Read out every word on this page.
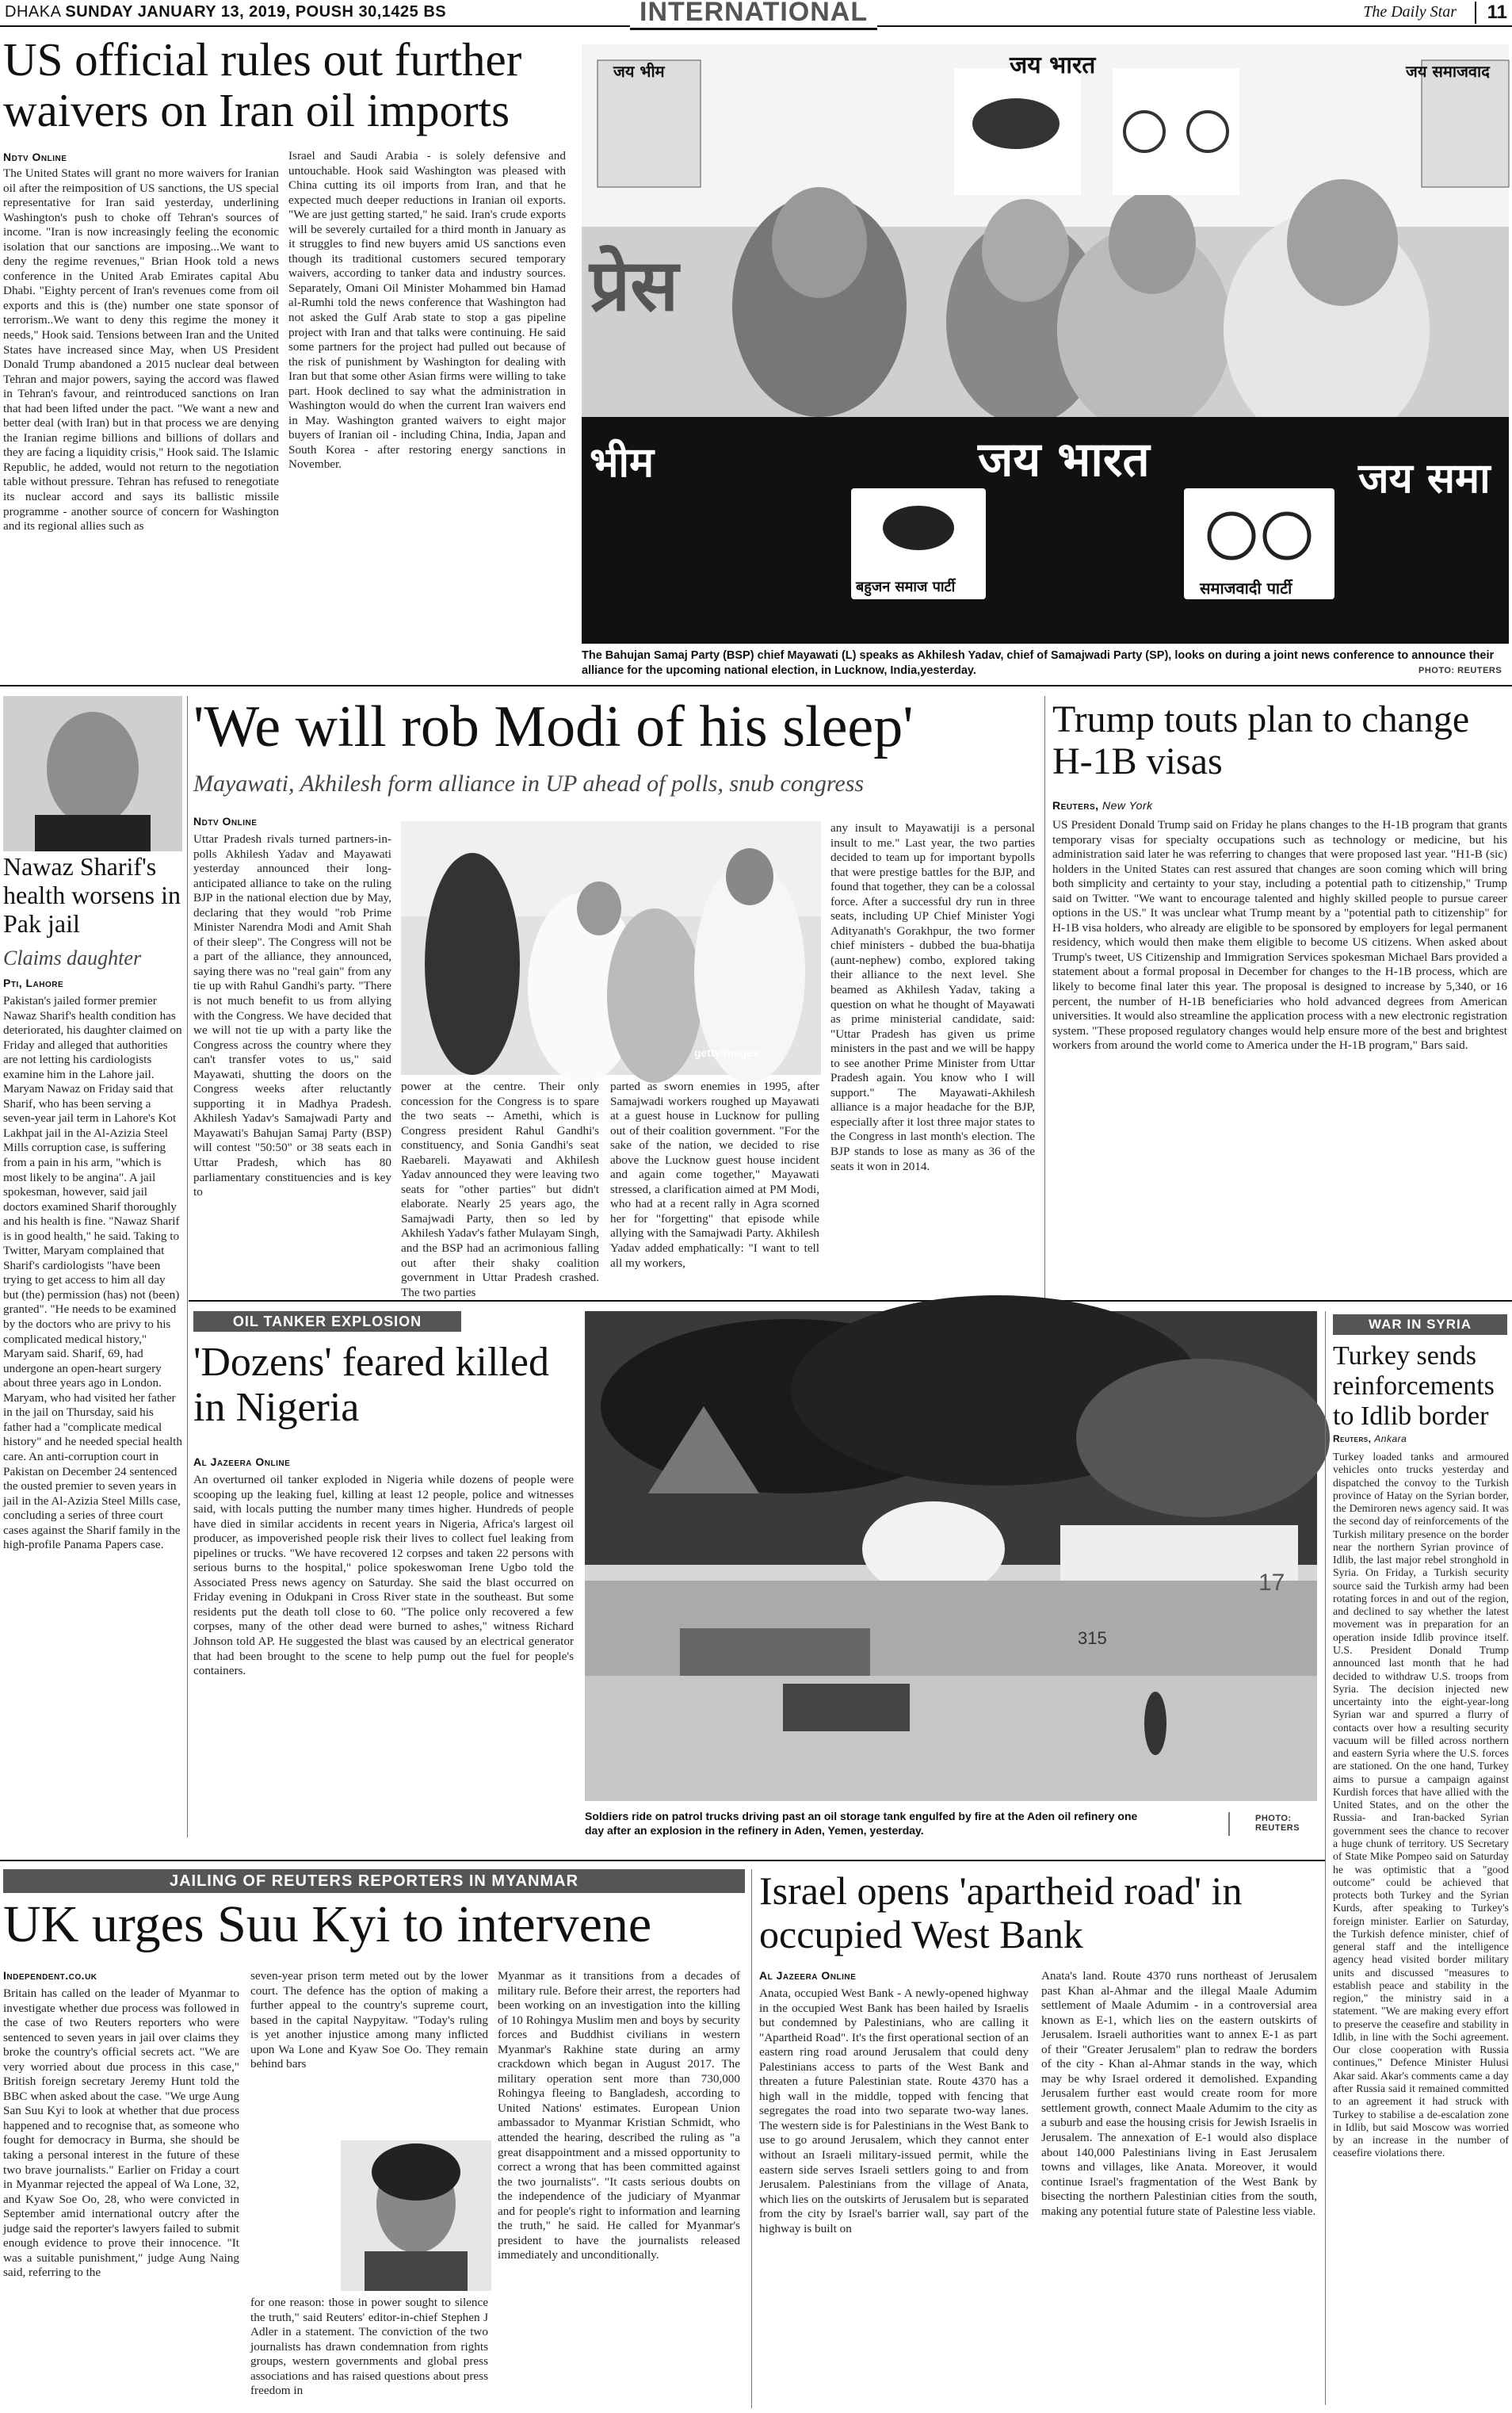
DHAKA SUNDAY JANUARY 13, 2019, POUSH 30,1425 BS	INTERNATIONAL	The Daily Star	11
US official rules out further waivers on Iran oil imports
Ndtv Online
The United States will grant no more waivers for Iranian oil after the reimposition of US sanctions, the US special representative for Iran said yesterday, underlining Washington's push to choke off Tehran's sources of income. "Iran is now increasingly feeling the economic isolation that our sanctions are imposing...We want to deny the regime revenues," Brian Hook told a news conference in the United Arab Emirates capital Abu Dhabi. "Eighty percent of Iran's revenues come from oil exports and this is (the) number one state sponsor of terrorism..We want to deny this regime the money it needs," Hook said. Tensions between Iran and the United States have increased since May, when US President Donald Trump abandoned a 2015 nuclear deal between Tehran and major powers, saying the accord was flawed in Tehran's favour, and reintroduced sanctions on Iran that had been lifted under the pact. "We want a new and better deal (with Iran) but in that process we are denying the Iranian regime billions and billions of dollars and they are facing a liquidity crisis," Hook said. The Islamic Republic, he added, would not return to the negotiation table without pressure. Tehran has refused to renegotiate its nuclear accord and says its ballistic missile programme - another source of concern for Washington and its regional allies such as
Israel and Saudi Arabia - is solely defensive and untouchable. Hook said Washington was pleased with China cutting its oil imports from Iran, and that he expected much deeper reductions in Iranian oil exports. "We are just getting started," he said. Iran's crude exports will be severely curtailed for a third month in January as it struggles to find new buyers amid US sanctions even though its traditional customers secured temporary waivers, according to tanker data and industry sources. Separately, Omani Oil Minister Mohammed bin Hamad al-Rumhi told the news conference that Washington had not asked the Gulf Arab state to stop a gas pipeline project with Iran and that talks were continuing. He said some partners for the project had pulled out because of the risk of punishment by Washington for dealing with Iran but that some other Asian firms were willing to take part. Hook declined to say what the administration in Washington would do when the current Iran waivers end in May. Washington granted waivers to eight major buyers of Iranian oil - including China, India, Japan and South Korea - after restoring energy sanctions in November.
जय भीम	जय भारत	जय समाजवाद
प्रेस
भीम	जय भारत	जय समा
बहुजन समाज पार्टी	समाजवादी पार्टी
The Bahujan Samaj Party (BSP) chief Mayawati (L) speaks as Akhilesh Yadav, chief of Samajwadi Party (SP), looks on during a joint news conference to announce their alliance for the upcoming national election, in Lucknow, India,yesterday.	PHOTO: REUTERS
Nawaz Sharif's health worsens in Pak jail
Claims daughter
Pti, Lahore
Pakistan's jailed former premier Nawaz Sharif's health condition has deteriorated, his daughter claimed on Friday and alleged that authorities are not letting his cardiologists examine him in the Lahore jail. Maryam Nawaz on Friday said that Sharif, who has been serving a seven-year jail term in Lahore's Kot Lakhpat jail in the Al-Azizia Steel Mills corruption case, is suffering from a pain in his arm, "which is most likely to be angina". A jail spokesman, however, said jail doctors examined Sharif thoroughly and his health is fine. "Nawaz Sharif is in good health," he said. Taking to Twitter, Maryam complained that Sharif's cardiologists "have been trying to get access to him all day but (the) permission (has) not (been) granted". "He needs to be examined by the doctors who are privy to his complicated medical history," Maryam said. Sharif, 69, had undergone an open-heart surgery about three years ago in London. Maryam, who had visited her father in the jail on Thursday, said his father had a "complicate medical history" and he needed special health care. An anti-corruption court in Pakistan on December 24 sentenced the ousted premier to seven years in jail in the Al-Azizia Steel Mills case, concluding a series of three court cases against the Sharif family in the high-profile Panama Papers case.
'We will rob Modi of his sleep'
Mayawati, Akhilesh form alliance in UP ahead of polls, snub congress
Ndtv Online
Uttar Pradesh rivals turned partners-in-polls Akhilesh Yadav and Mayawati yesterday announced their long-anticipated alliance to take on the ruling BJP in the national election due by May, declaring that they would "rob Prime Minister Narendra Modi and Amit Shah of their sleep". The Congress will not be a part of the alliance, they announced, saying there was no "real gain" from any tie up with Rahul Gandhi's party. "There is not much benefit to us from allying with the Congress. We have decided that we will not tie up with a party like the Congress across the country where they can't transfer votes to us," said Mayawati, shutting the doors on the Congress weeks after reluctantly supporting it in Madhya Pradesh. Akhilesh Yadav's Samajwadi Party and Mayawati's Bahujan Samaj Party (BSP) will contest "50:50" or 38 seats each in Uttar Pradesh, which has 80 parliamentary constituencies and is key to
gettyimages
power at the centre. Their only concession for the Congress is to spare the two seats -- Amethi, which is Congress president Rahul Gandhi's constituency, and Sonia Gandhi's seat Raebareli. Mayawati and Akhilesh Yadav announced they were leaving two seats for "other parties" but didn't elaborate. Nearly 25 years ago, the Samajwadi Party, then so led by Akhilesh Yadav's father Mulayam Singh, and the BSP had an acrimonious falling out after their shaky coalition government in Uttar Pradesh crashed. The two parties
parted as sworn enemies in 1995, after Samajwadi workers roughed up Mayawati at a guest house in Lucknow for pulling out of their coalition government. "For the sake of the nation, we decided to rise above the Lucknow guest house incident and again come together," Mayawati stressed, a clarification aimed at PM Modi, who had at a recent rally in Agra scorned her for "forgetting" that episode while allying with the Samajwadi Party. Akhilesh Yadav added emphatically: "I want to tell all my workers,
any insult to Mayawatiji is a personal insult to me." Last year, the two parties decided to team up for important bypolls that were prestige battles for the BJP, and found that together, they can be a colossal force. After a successful dry run in three seats, including UP Chief Minister Yogi Adityanath's Gorakhpur, the two former chief ministers - dubbed the bua-bhatija (aunt-nephew) combo, explored taking their alliance to the next level. She beamed as Akhilesh Yadav, taking a question on what he thought of Mayawati as prime ministerial candidate, said: "Uttar Pradesh has given us prime ministers in the past and we will be happy to see another Prime Minister from Uttar Pradesh again. You know who I will support." The Mayawati-Akhilesh alliance is a major headache for the BJP, especially after it lost three major states to the Congress in last month's election. The BJP stands to lose as many as 36 of the seats it won in 2014.
Trump touts plan to change H-1B visas
Reuters, New York
US President Donald Trump said on Friday he plans changes to the H-1B program that grants temporary visas for specialty occupations such as technology or medicine, but his administration said later he was referring to changes that were proposed last year. "H1-B (sic) holders in the United States can rest assured that changes are soon coming which will bring both simplicity and certainty to your stay, including a potential path to citizenship," Trump said on Twitter. "We want to encourage talented and highly skilled people to pursue career options in the US." It was unclear what Trump meant by a "potential path to citizenship" for H-1B visa holders, who already are eligible to be sponsored by employers for legal permanent residency, which would then make them eligible to become US citizens. When asked about Trump's tweet, US Citizenship and Immigration Services spokesman Michael Bars provided a statement about a formal proposal in December for changes to the H-1B process, which are likely to become final later this year. The proposal is designed to increase by 5,340, or 16 percent, the number of H-1B beneficiaries who hold advanced degrees from American universities. It would also streamline the application process with a new electronic registration system. "These proposed regulatory changes would help ensure more of the best and brightest workers from around the world come to America under the H-1B program," Bars said.
OIL TANKER EXPLOSION
'Dozens' feared killed in Nigeria
Al Jazeera Online
An overturned oil tanker exploded in Nigeria while dozens of people were scooping up the leaking fuel, killing at least 12 people, police and witnesses said, with locals putting the number many times higher. Hundreds of people have died in similar accidents in recent years in Nigeria, Africa's largest oil producer, as impoverished people risk their lives to collect fuel leaking from pipelines or trucks. "We have recovered 12 corpses and taken 22 persons with serious burns to the hospital," police spokeswoman Irene Ugbo told the Associated Press news agency on Saturday. She said the blast occurred on Friday evening in Odukpani in Cross River state in the southeast. But some residents put the death toll close to 60. "The police only recovered a few corpses, many of the other dead were burned to ashes," witness Richard Johnson told AP. He suggested the blast was caused by an electrical generator that had been brought to the scene to help pump out the fuel for people's containers.
315
17
Soldiers ride on patrol trucks driving past an oil storage tank engulfed by fire at the Aden oil refinery one day after an explosion in the refinery in Aden, Yemen, yesterday.
PHOTO: REUTERS
WAR IN SYRIA
Turkey sends reinforcements to Idlib border
Reuters, Ankara
Turkey loaded tanks and armoured vehicles onto trucks yesterday and dispatched the convoy to the Turkish province of Hatay on the Syrian border, the Demiroren news agency said. It was the second day of reinforcements of the Turkish military presence on the border near the northern Syrian province of Idlib, the last major rebel stronghold in Syria. On Friday, a Turkish security source said the Turkish army had been rotating forces in and out of the region, and declined to say whether the latest movement was in preparation for an operation inside Idlib province itself. U.S. President Donald Trump announced last month that he had decided to withdraw U.S. troops from Syria. The decision injected new uncertainty into the eight-year-long Syrian war and spurred a flurry of contacts over how a resulting security vacuum will be filled across northern and eastern Syria where the U.S. forces are stationed. On the one hand, Turkey aims to pursue a campaign against Kurdish forces that have allied with the United States, and on the other the Russia- and Iran-backed Syrian government sees the chance to recover a huge chunk of territory. US Secretary of State Mike Pompeo said on Saturday he was optimistic that a "good outcome" could be achieved that protects both Turkey and the Syrian Kurds, after speaking to Turkey's foreign minister. Earlier on Saturday, the Turkish defence minister, chief of general staff and the intelligence agency head visited border military units and discussed "measures to establish peace and stability in the region," the ministry said in a statement. "We are making every effort to preserve the ceasefire and stability in Idlib, in line with the Sochi agreement. Our close cooperation with Russia continues," Defence Minister Hulusi Akar said. Akar's comments came a day after Russia said it remained committed to an agreement it had struck with Turkey to stabilise a de-escalation zone in Idlib, but said Moscow was worried by an increase in the number of ceasefire violations there.
JAILING OF REUTERS REPORTERS IN MYANMAR
UK urges Suu Kyi to intervene
Independent.co.uk
Britain has called on the leader of Myanmar to investigate whether due process was followed in the case of two Reuters reporters who were sentenced to seven years in jail over claims they broke the country's official secrets act. "We are very worried about due process in this case," British foreign secretary Jeremy Hunt told the BBC when asked about the case. "We urge Aung San Suu Kyi to look at whether that due process happened and to recognise that, as someone who fought for democracy in Burma, she should be taking a personal interest in the future of these two brave journalists." Earlier on Friday a court in Myanmar rejected the appeal of Wa Lone, 32, and Kyaw Soe Oo, 28, who were convicted in September amid international outcry after the judge said the reporter's lawyers failed to submit enough evidence to prove their innocence. "It was a suitable punishment," judge Aung Naing said, referring to the
seven-year prison term meted out by the lower court. The defence has the option of making a further appeal to the country's supreme court, based in the capital Naypyitaw. "Today's ruling is yet another injustice among many inflicted upon Wa Lone and Kyaw Soe Oo. They remain behind bars
for one reason: those in power sought to silence the truth," said Reuters' editor-in-chief Stephen J Adler in a statement. The conviction of the two journalists has drawn condemnation from rights groups, western governments and global press associations and has raised questions about press freedom in
Myanmar as it transitions from a decades of military rule. Before their arrest, the reporters had been working on an investigation into the killing of 10 Rohingya Muslim men and boys by security forces and Buddhist civilians in western Myanmar's Rakhine state during an army crackdown which began in August 2017. The military operation sent more than 730,000 Rohingya fleeing to Bangladesh, according to United Nations' estimates. European Union ambassador to Myanmar Kristian Schmidt, who attended the hearing, described the ruling as "a great disappointment and a missed opportunity to correct a wrong that has been committed against the two journalists". "It casts serious doubts on the independence of the judiciary of Myanmar and for people's right to information and learning the truth," he said. He called for Myanmar's president to have the journalists released immediately and unconditionally.
Israel opens 'apartheid road' in occupied West Bank
Al Jazeera Online
Anata, occupied West Bank - A newly-opened highway in the occupied West Bank has been hailed by Israelis but condemned by Palestinians, who are calling it "Apartheid Road". It's the first operational section of an eastern ring road around Jerusalem that could deny Palestinians access to parts of the West Bank and threaten a future Palestinian state. Route 4370 has a high wall in the middle, topped with fencing that segregates the road into two separate two-way lanes. The western side is for Palestinians in the West Bank to use to go around Jerusalem, which they cannot enter without an Israeli military-issued permit, while the eastern side serves Israeli settlers going to and from Jerusalem. Palestinians from the village of Anata, which lies on the outskirts of Jerusalem but is separated from the city by Israel's barrier wall, say part of the highway is built on
Anata's land. Route 4370 runs northeast of Jerusalem past Khan al-Ahmar and the illegal Maale Adumim settlement of Maale Adumim - in a controversial area known as E-1, which lies on the eastern outskirts of Jerusalem. Israeli authorities want to annex E-1 as part of their "Greater Jerusalem" plan to redraw the borders of the city - Khan al-Ahmar stands in the way, which may be why Israel ordered it demolished. Expanding Jerusalem further east would create room for more settlement growth, connect Maale Adumim to the city as a suburb and ease the housing crisis for Jewish Israelis in Jerusalem. The annexation of E-1 would also displace about 140,000 Palestinians living in East Jerusalem towns and villages, like Anata. Moreover, it would continue Israel's fragmentation of the West Bank by bisecting the northern Palestinian cities from the south, making any potential future state of Palestine less viable.
